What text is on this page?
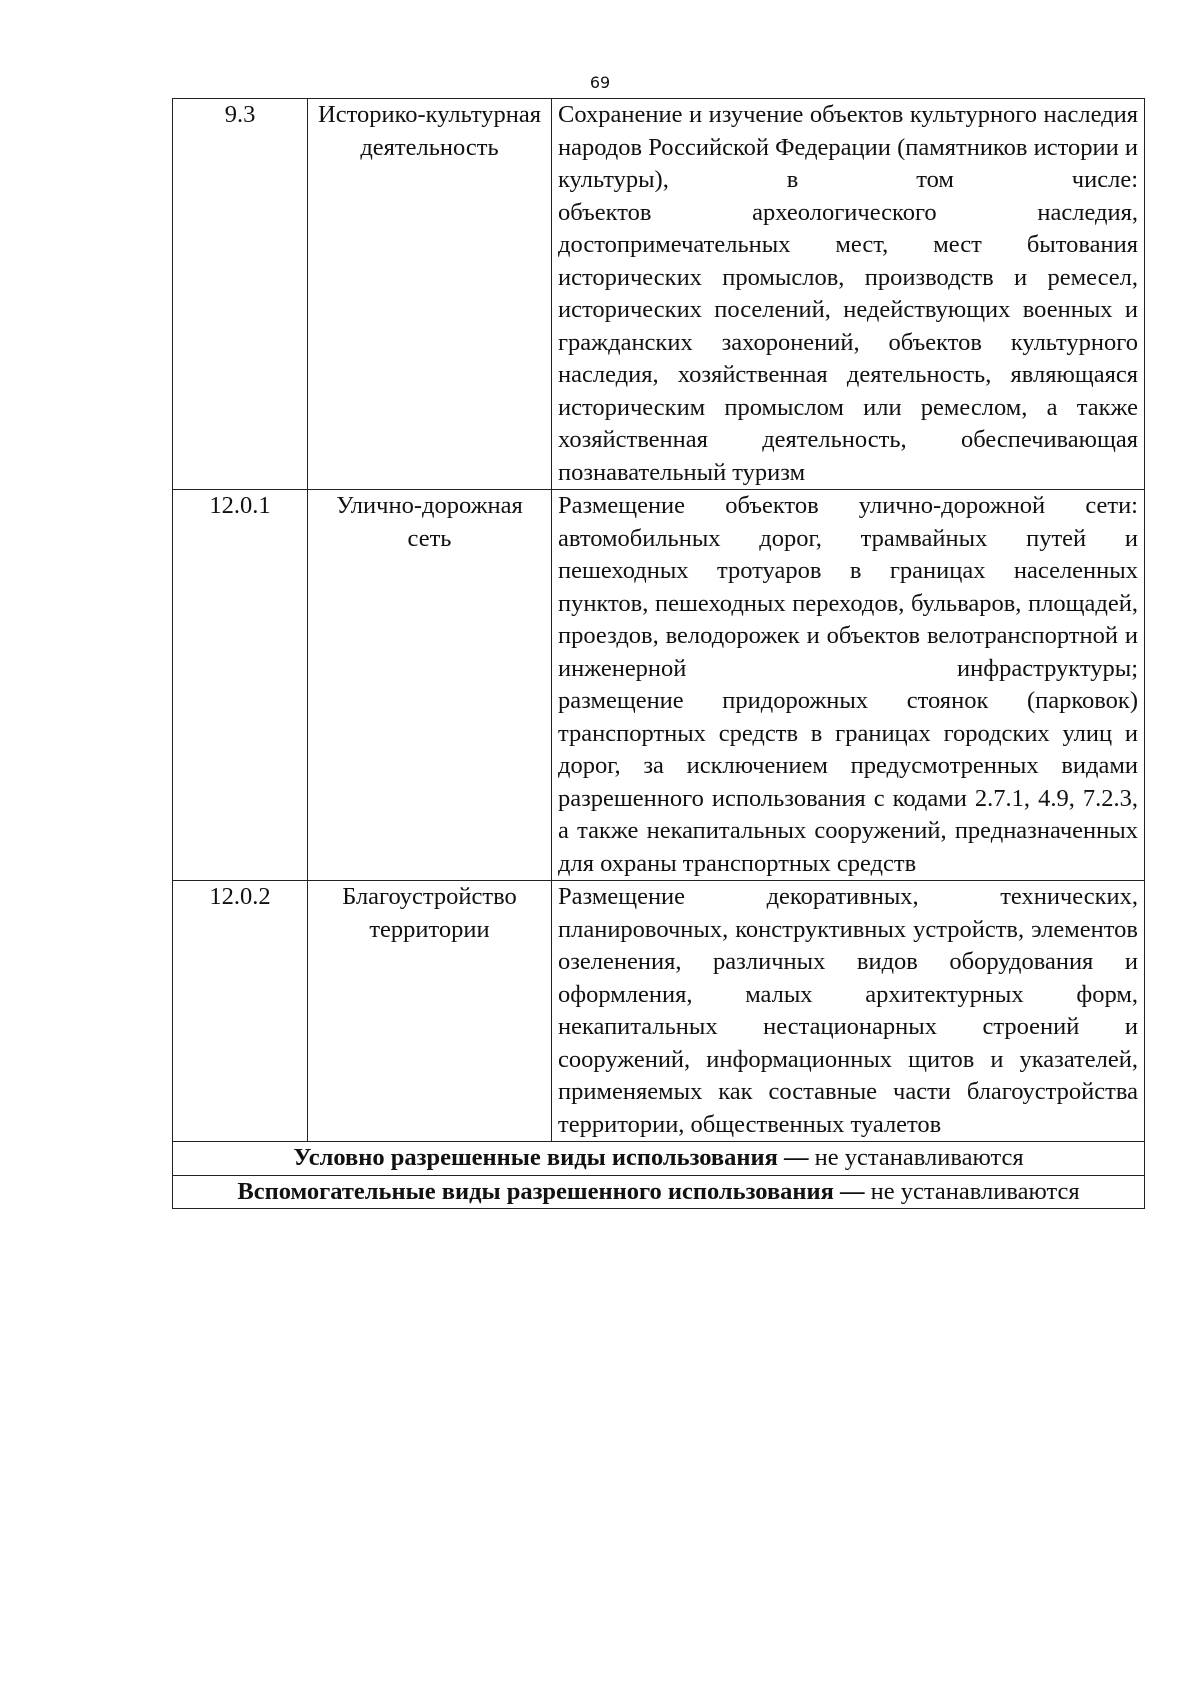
69
9.3	Историко-культурная деятельность	Сохранение и изучение объектов культурного наследия народов Российской Федерации (памятников истории и культуры), в том числе:

объектов археологического наследия, достопримечательных мест, мест бытования исторических промыслов, производств и ремесел, исторических поселений, недействующих военных и гражданских захоронений, объектов культурного наследия, хозяйственная деятельность, являющаяся историческим промыслом или ремеслом, а также хозяйственная деятельность, обеспечивающая познавательный туризм

12.0.1	Улично-дорожная сеть	Размещение объектов улично-дорожной сети: автомобильных дорог, трамвайных путей и пешеходных тротуаров в границах населенных пунктов, пешеходных переходов, бульваров, площадей, проездов, велодорожек и объектов велотранспортной и инженерной инфраструктуры;

размещение придорожных стоянок (парковок) транспортных средств в границах городских улиц и дорог, за исключением предусмотренных видами разрешенного использования с кодами 2.7.1, 4.9, 7.2.3, а также некапитальных сооружений, предназначенных для охраны транспортных средств

12.0.2	Благоустройство территории	Размещение декоративных, технических, планировочных, конструктивных устройств, элементов озеленения, различных видов оборудования и оформления, малых архитектурных форм, некапитальных нестационарных строений и сооружений, информационных щитов и указателей, применяемых как составные части благоустройства территории, общественных туалетов

Условно разрешенные виды использования — не устанавливаются		
Вспомогательные виды разрешенного использования — не устанавливаются		
